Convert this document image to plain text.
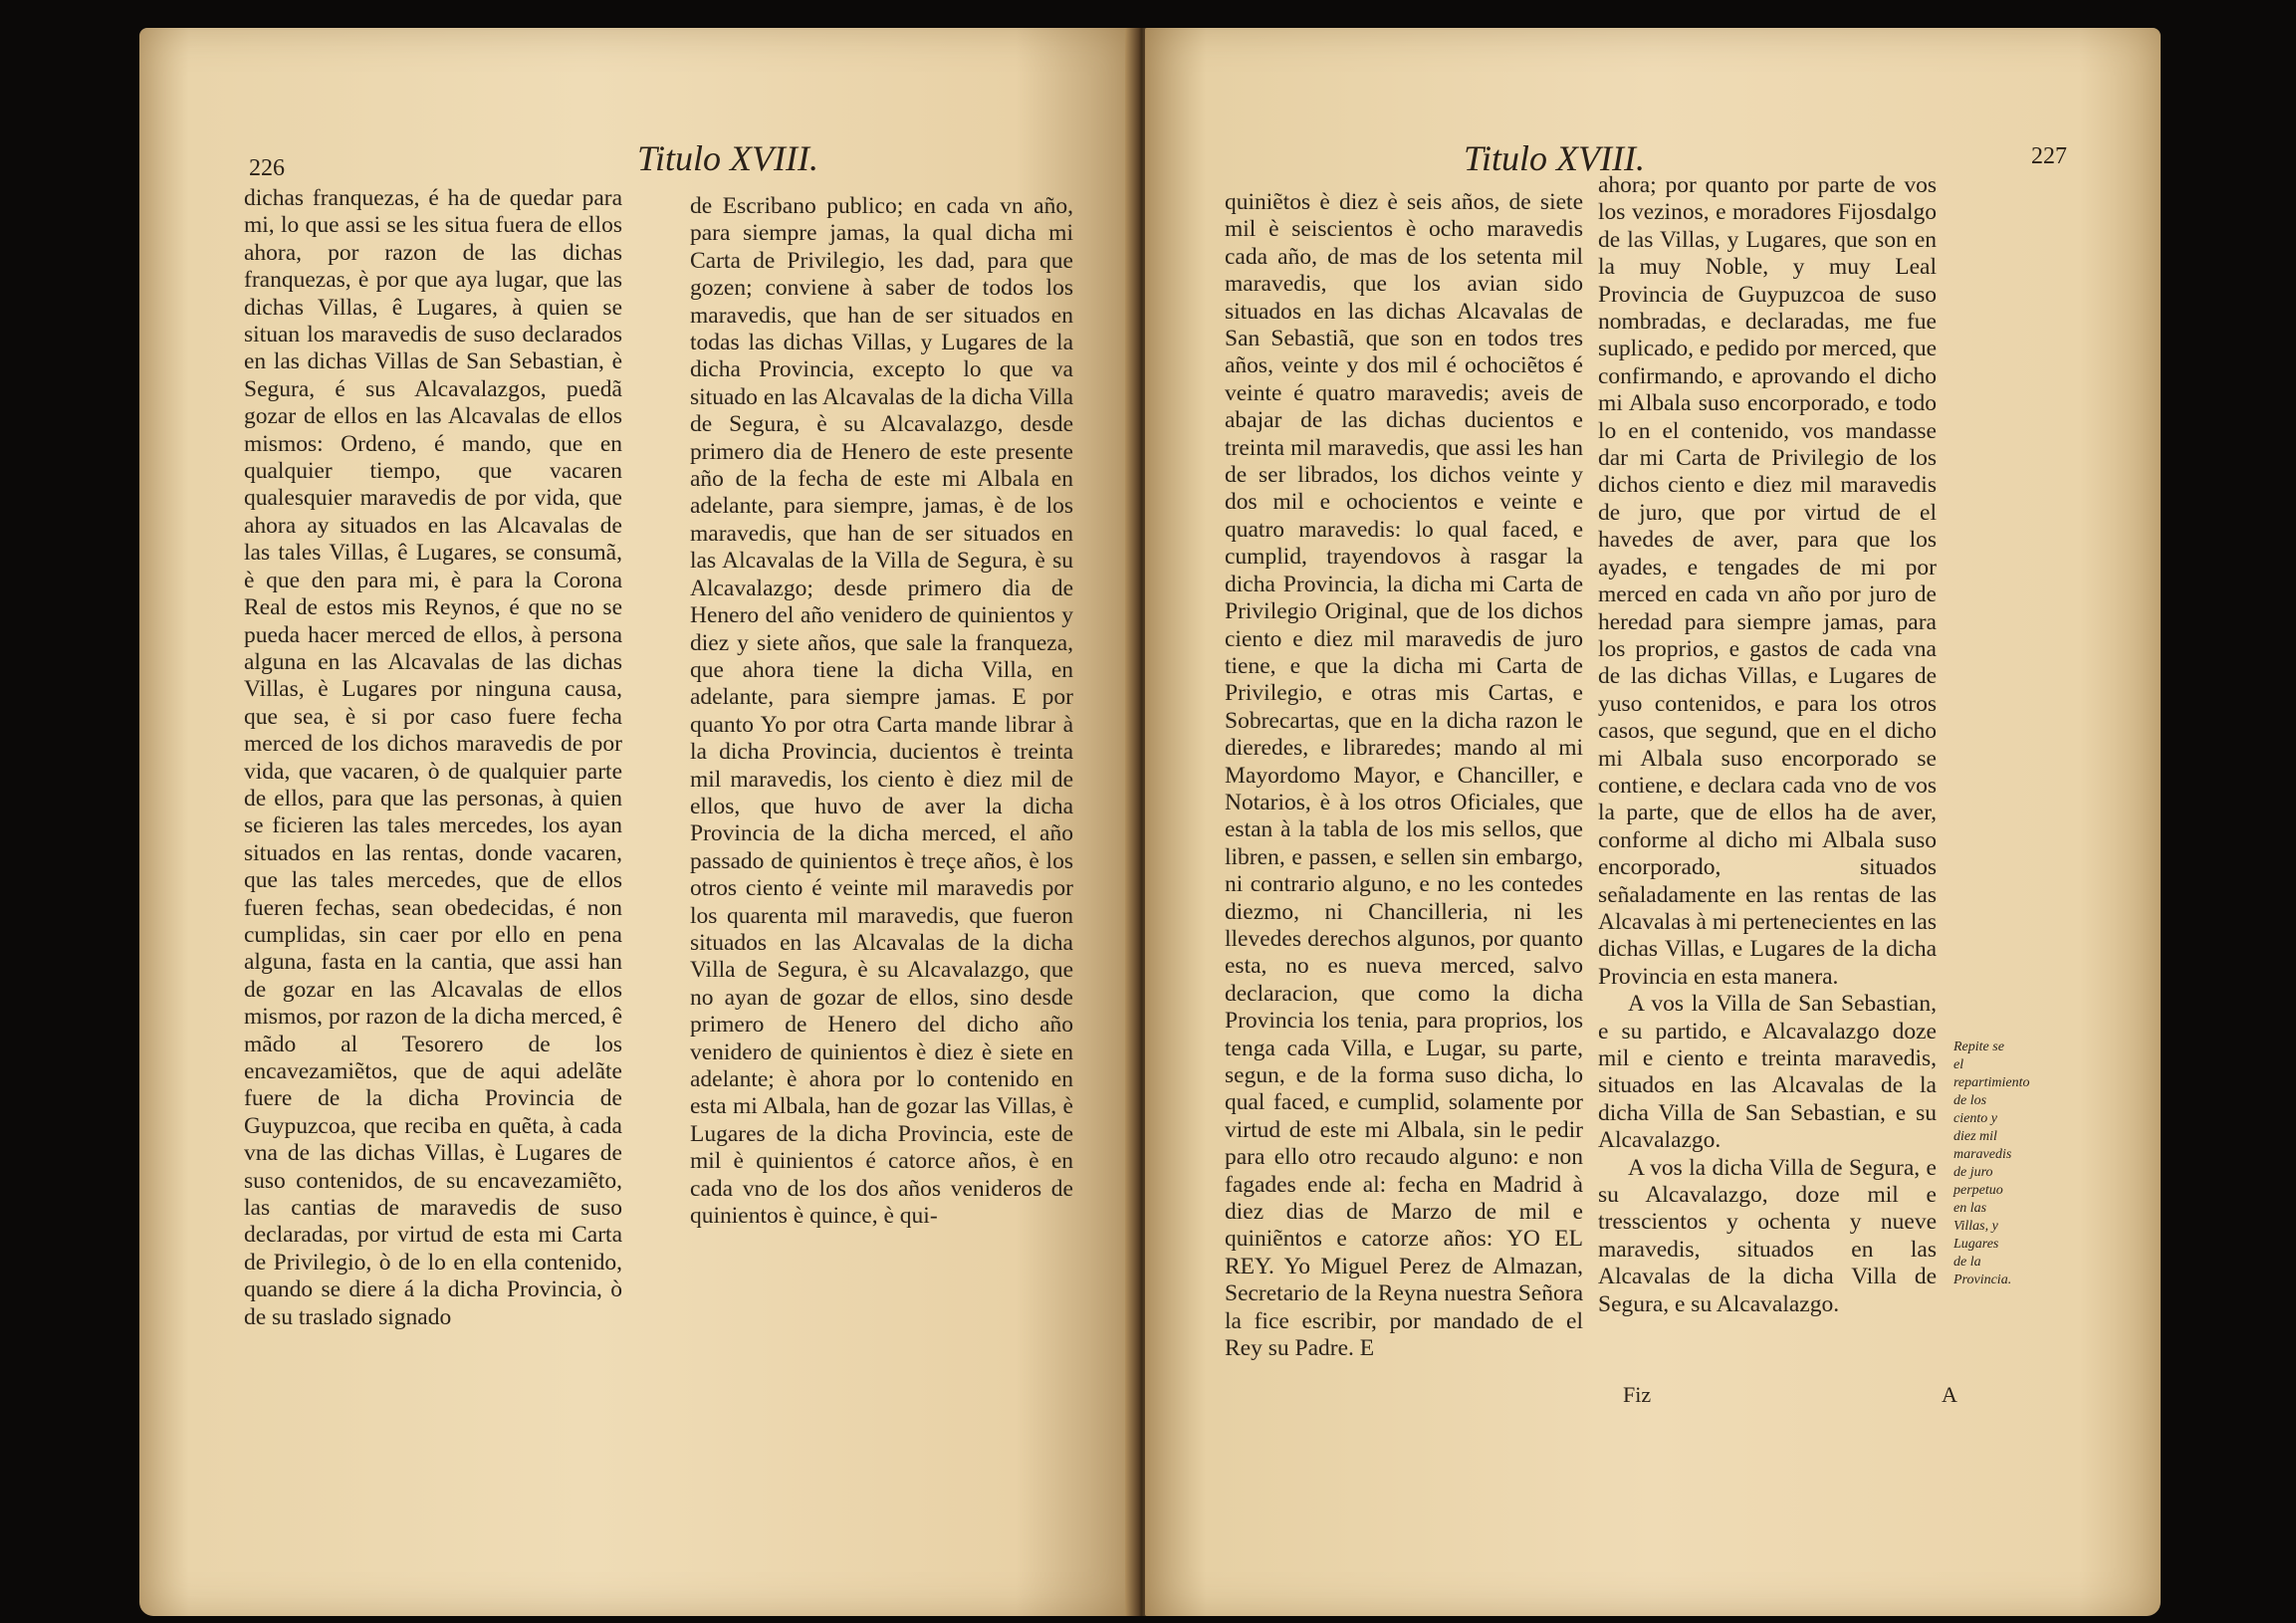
226	Titulo XVIII.

dichas franquezas, é ha de quedar para mi, lo que assi se les situa fuera de ellos ahora, por razon de las dichas franquezas, è por que aya lugar, que las dichas Villas, ê Lugares, à quien se situan los maravedis de suso declarados en las dichas Villas de San Sebastian, è Segura, é sus Alcavalazgos, puedã gozar de ellos en las Alcavalas de ellos mismos: Ordeno, é mando, que en qualquier tiempo, que vacaren qualesquier maravedis de por vida, que ahora ay situados en las Alcavalas de las tales Villas, ê Lugares, se consumã, è que den para mi, è para la Corona Real de estos mis Reynos, é que no se pueda hacer merced de ellos, à persona alguna en las Alcavalas de las dichas Villas, è Lugares por ninguna causa, que sea, è si por caso fuere fecha merced de los dichos maravedis de por vida, que vacaren, ò de qualquier parte de ellos, para que las personas, à quien se ficieren las tales mercedes, los ayan situados en las rentas, donde vacaren, que las tales mercedes, que de ellos fueren fechas, sean obedecidas, é non cumplidas, sin caer por ello en pena alguna, fasta en la cantia, que assi han de gozar en las Alcavalas de ellos mismos, por razon de la dicha merced, ê mãdo al Tesorero de los encavezamiẽtos, que de aqui adelãte fuere de la dicha Provincia de Guypuzcoa, que reciba en quẽta, à cada vna de las dichas Villas, è Lugares de suso contenidos, de su encavezamiẽto, las cantias de maravedis de suso declaradas, por virtud de esta mi Carta de Privilegio, ò de lo en ella contenido, quando se diere á la dicha Provincia, ò de su traslado signado

de Escribano publico; en cada vn año, para siempre jamas, la qual dicha mi Carta de Privilegio, les dad, para que gozen; conviene à saber de todos los maravedis, que han de ser situados en todas las dichas Villas, y Lugares de la dicha Provincia, excepto lo que va situado en las Alcavalas de la dicha Villa de Segura, è su Alcavalazgo, desde primero dia de Henero de este presente año de la fecha de este mi Albala en adelante, para siempre, jamas, è de los maravedis, que han de ser situados en las Alcavalas de la Villa de Segura, è su Alcavalazgo; desde primero dia de Henero del año venidero de quinientos y diez y siete años, que sale la franqueza, que ahora tiene la dicha Villa, en adelante, para siempre jamas. E por quanto Yo por otra Carta mande librar à la dicha Provincia, ducientos è treinta mil maravedis, los ciento è diez mil de ellos, que huvo de aver la dicha Provincia de la dicha merced, el año passado de quinientos è treçe años, è los otros ciento é veinte mil maravedis por los quarenta mil maravedis, que fueron situados en las Alcavalas de la dicha Villa de Segura, è su Alcavalazgo, que no ayan de gozar de ellos, sino desde primero de Henero del dicho año venidero de quinientos è diez è siete en adelante; è ahora por lo contenido en esta mi Albala, han de gozar las Villas, è Lugares de la dicha Provincia, este de mil è quinientos é catorce años, è en cada vno de los dos años venideros de quinientos è quince, è qui-

Titulo XVIII.	227

quiniẽtos è diez è seis años, de siete mil è seiscientos è ocho maravedis cada año, de mas de los setenta mil maravedis, que los avian sido situados en las dichas Alcavalas de San Sebastiã, que son en todos tres años, veinte y dos mil é ochociẽtos é veinte é quatro maravedis; aveis de abajar de las dichas ducientos e treinta mil maravedis, que assi les han de ser librados, los dichos veinte y dos mil e ochocientos e veinte e quatro maravedis: lo qual faced, e cumplid, trayendovos à rasgar la dicha Provincia, la dicha mi Carta de Privilegio Original, que de los dichos ciento e diez mil maravedis de juro tiene, e que la dicha mi Carta de Privilegio, e otras mis Cartas, e Sobrecartas, que en la dicha razon le dieredes, e libraredes; mando al mi Mayordomo Mayor, e Chanciller, e Notarios, è à los otros Oficiales, que estan à la tabla de los mis sellos, que libren, e passen, e sellen sin embargo, ni contrario alguno, e no les contedes diezmo, ni Chancilleria, ni les llevedes derechos algunos, por quanto esta, no es nueva merced, salvo declaracion, que como la dicha Provincia los tenia, para proprios, los tenga cada Villa, e Lugar, su parte, segun, e de la forma suso dicha, lo qual faced, e cumplid, solamente por virtud de este mi Albala, sin le pedir para ello otro recaudo alguno: e non fagades ende al: fecha en Madrid à diez dias de Marzo de mil e quiniẽntos e catorze años: YO EL REY. Yo Miguel Perez de Almazan, Secretario de la Reyna nuestra Señora la fice escribir, por mandado de el Rey su Padre. E

ahora; por quanto por parte de vos los vezinos, e moradores Fijosdalgo de las Villas, y Lugares, que son en la muy Noble, y muy Leal Provincia de Guypuzcoa de suso nombradas, e declaradas, me fue suplicado, e pedido por merced, que confirmando, e aprovando el dicho mi Albala suso encorporado, e todo lo en el contenido, vos mandasse dar mi Carta de Privilegio de los dichos ciento e diez mil maravedis de juro, que por virtud de el havedes de aver, para que los ayades, e tengades de mi por merced en cada vn año por juro de heredad para siempre jamas, para los proprios, e gastos de cada vna de las dichas Villas, e Lugares de yuso contenidos, e para los otros casos, que segund, que en el dicho mi Albala suso encorporado se contiene, e declara cada vno de vos la parte, que de ellos ha de aver, conforme al dicho mi Albala suso encorporado, situados señaladamente en las rentas de las Alcavalas à mi pertenecientes en las dichas Villas, e Lugares de la dicha Provincia en esta manera.

A vos la Villa de San Sebastian, e su partido, e Alcavalazgo doze mil e ciento e treinta maravedis, situados en las Alcavalas de la dicha Villa de San Sebastian, e su Alcavalazgo.

A vos la dicha Villa de Segura, e su Alcavalazgo, doze mil e tresscientos y ochenta y nueve maravedis, situados en las Alcavalas de la dicha Villa de Segura, e su Alcavalazgo.

Repite se el repartimiento de los ciento y diez mil maravedis de juro perpetuo en las Villas, y Lugares de la Provincia.
Fiz	A
